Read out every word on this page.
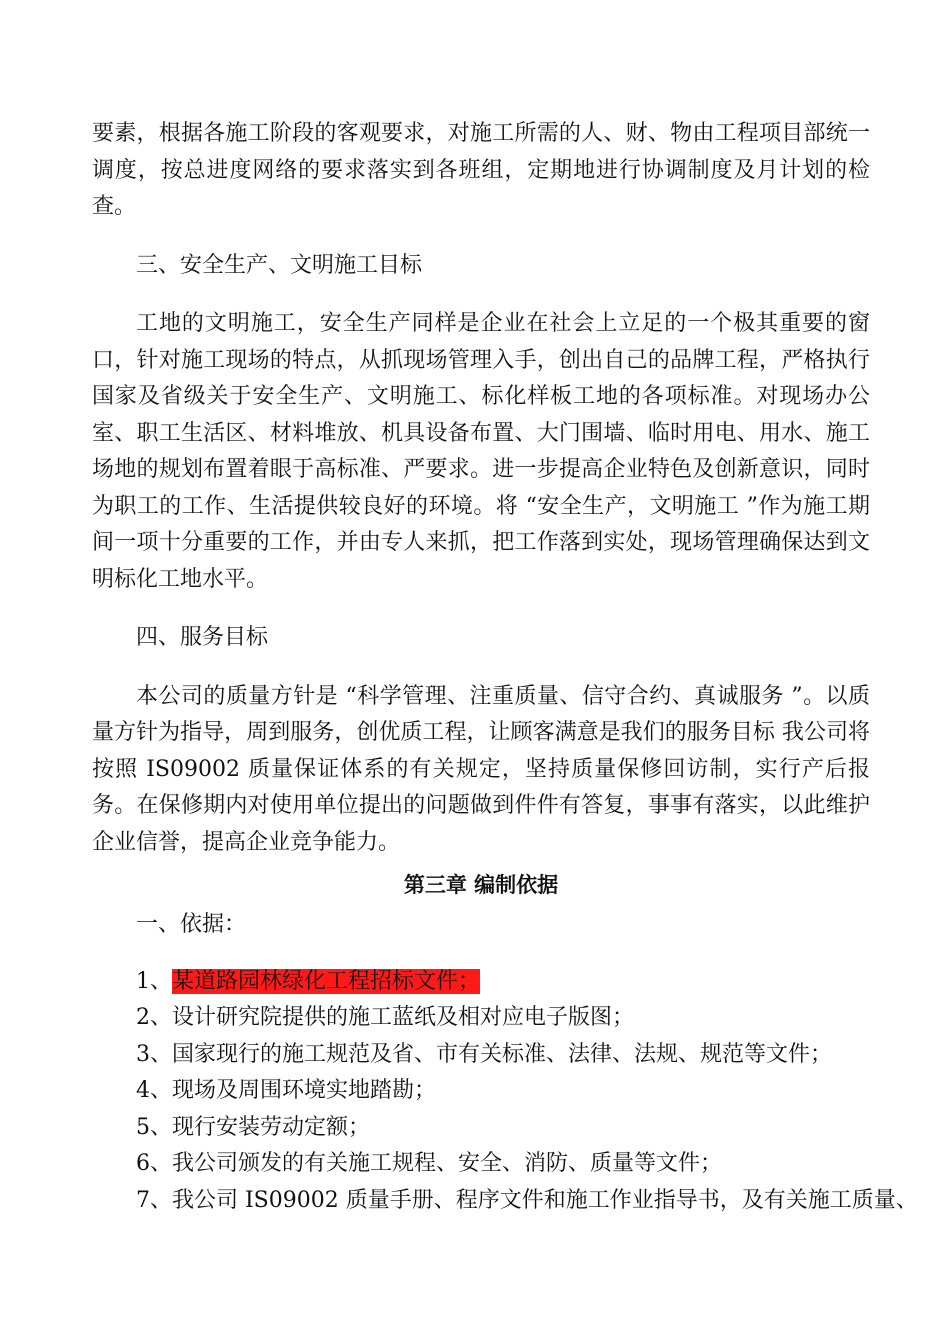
要素，根据各施工阶段的客观要求，对施工所需的人、财、物由工程项目部统一调度，按总进度网络的要求落实到各班组，定期地进行协调制度及月计划的检查。

三、安全生产、文明施工目标

工地的文明施工，安全生产同样是企业在社会上立足的一个极其重要的窗口，针对施工现场的特点，从抓现场管理入手，创出自己的品牌工程，严格执行国家及省级关于安全生产、文明施工、标化样板工地的各项标准。对现场办公室、职工生活区、材料堆放、机具设备布置、大门围墙、临时用电、用水、施工场地的规划布置着眼于高标准、严要求。进一步提高企业特色及创新意识，同时为职工的工作、生活提供较良好的环境。将 “安全生产，文明施工 ”作为施工期间一项十分重要的工作，并由专人来抓，把工作落到实处，现场管理确保达到文明标化工地水平。

四、服务目标

本公司的质量方针是 “科学管理、注重质量、信守合约、真诚服务 ”。以质量方针为指导，周到服务，创优质工程，让顾客满意是我们的服务目标 我公司将按照 IS09002 质量保证体系的有关规定，坚持质量保修回访制，实行产后报务。在保修期内对使用单位提出的问题做到件件有答复，事事有落实，以此维护企业信誉，提高企业竞争能力。

第三章 编制依据

一、依据：

1、某道路园林绿化工程招标文件；

2、设计研究院提供的施工蓝纸及相对应电子版图；

3、国家现行的施工规范及省、市有关标准、法律、法规、规范等文件；

4、现场及周围环境实地踏勘；

5、现行安装劳动定额；

6、我公司颁发的有关施工规程、安全、消防、质量等文件；

7、我公司 IS09002 质量手册、程序文件和施工作业指导书，及有关施工质量、
